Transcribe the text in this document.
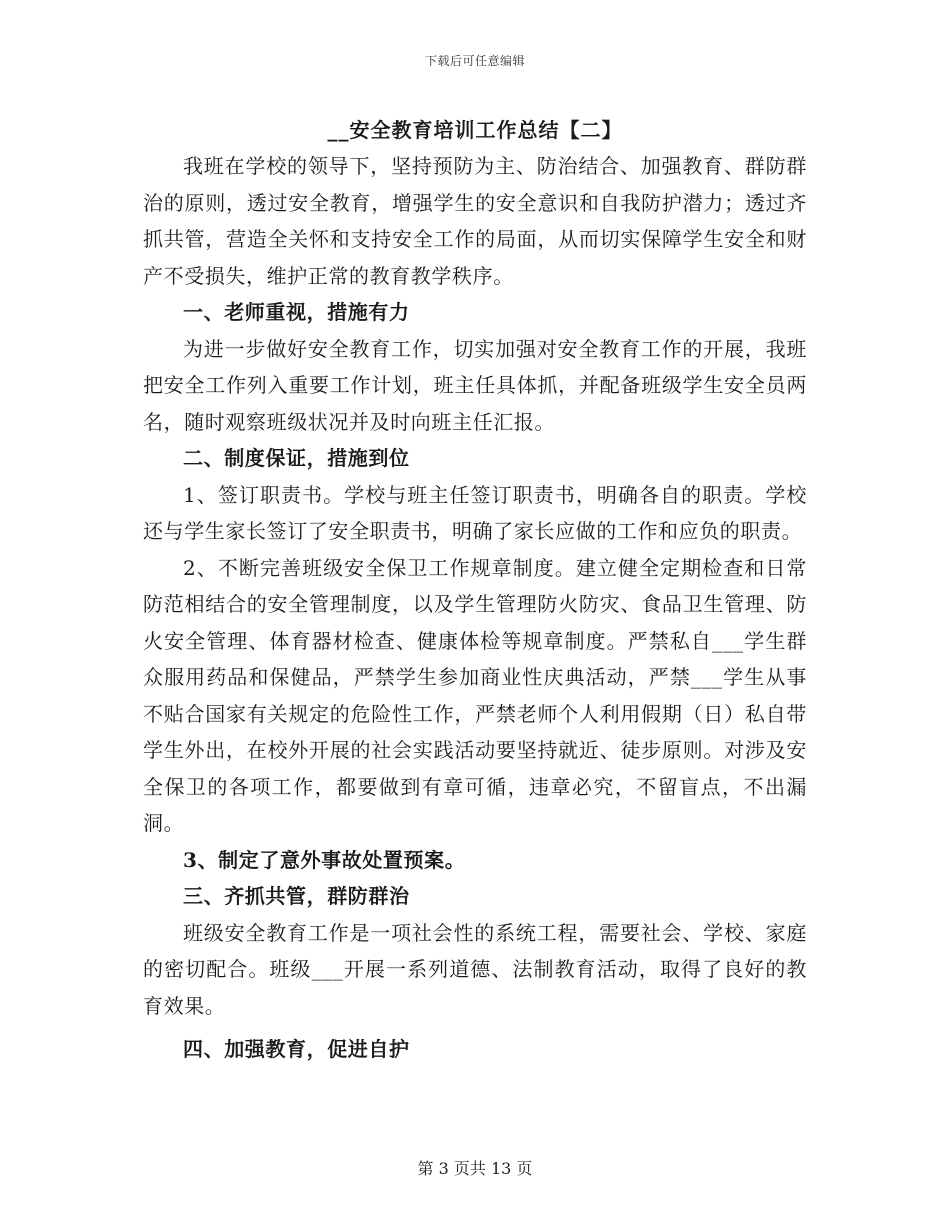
下载后可任意编辑
__安全教育培训工作总结【二】

我班在学校的领导下，坚持预防为主、防治结合、加强教育、群防群治的原则，透过安全教育，增强学生的安全意识和自我防护潜力；透过齐抓共管，营造全关怀和支持安全工作的局面，从而切实保障学生安全和财产不受损失，维护正常的教育教学秩序。

一、老师重视，措施有力

为进一步做好安全教育工作，切实加强对安全教育工作的开展，我班把安全工作列入重要工作计划，班主任具体抓，并配备班级学生安全员两名，随时观察班级状况并及时向班主任汇报。

二、制度保证，措施到位

1、签订职责书。学校与班主任签订职责书，明确各自的职责。学校还与学生家长签订了安全职责书，明确了家长应做的工作和应负的职责。

2、不断完善班级安全保卫工作规章制度。建立健全定期检查和日常防范相结合的安全管理制度，以及学生管理防火防灾、食品卫生管理、防火安全管理、体育器材检查、健康体检等规章制度。严禁私自___学生群众服用药品和保健品，严禁学生参加商业性庆典活动，严禁___学生从事不贴合国家有关规定的危险性工作，严禁老师个人利用假期（日）私自带学生外出，在校外开展的社会实践活动要坚持就近、徒步原则。对涉及安全保卫的各项工作，都要做到有章可循，违章必究，不留盲点，不出漏洞。

3、制定了意外事故处置预案。

三、齐抓共管，群防群治

班级安全教育工作是一项社会性的系统工程，需要社会、学校、家庭的密切配合。班级___开展一系列道德、法制教育活动，取得了良好的教育效果。

四、加强教育，促进自护

第 3 页共 13 页
